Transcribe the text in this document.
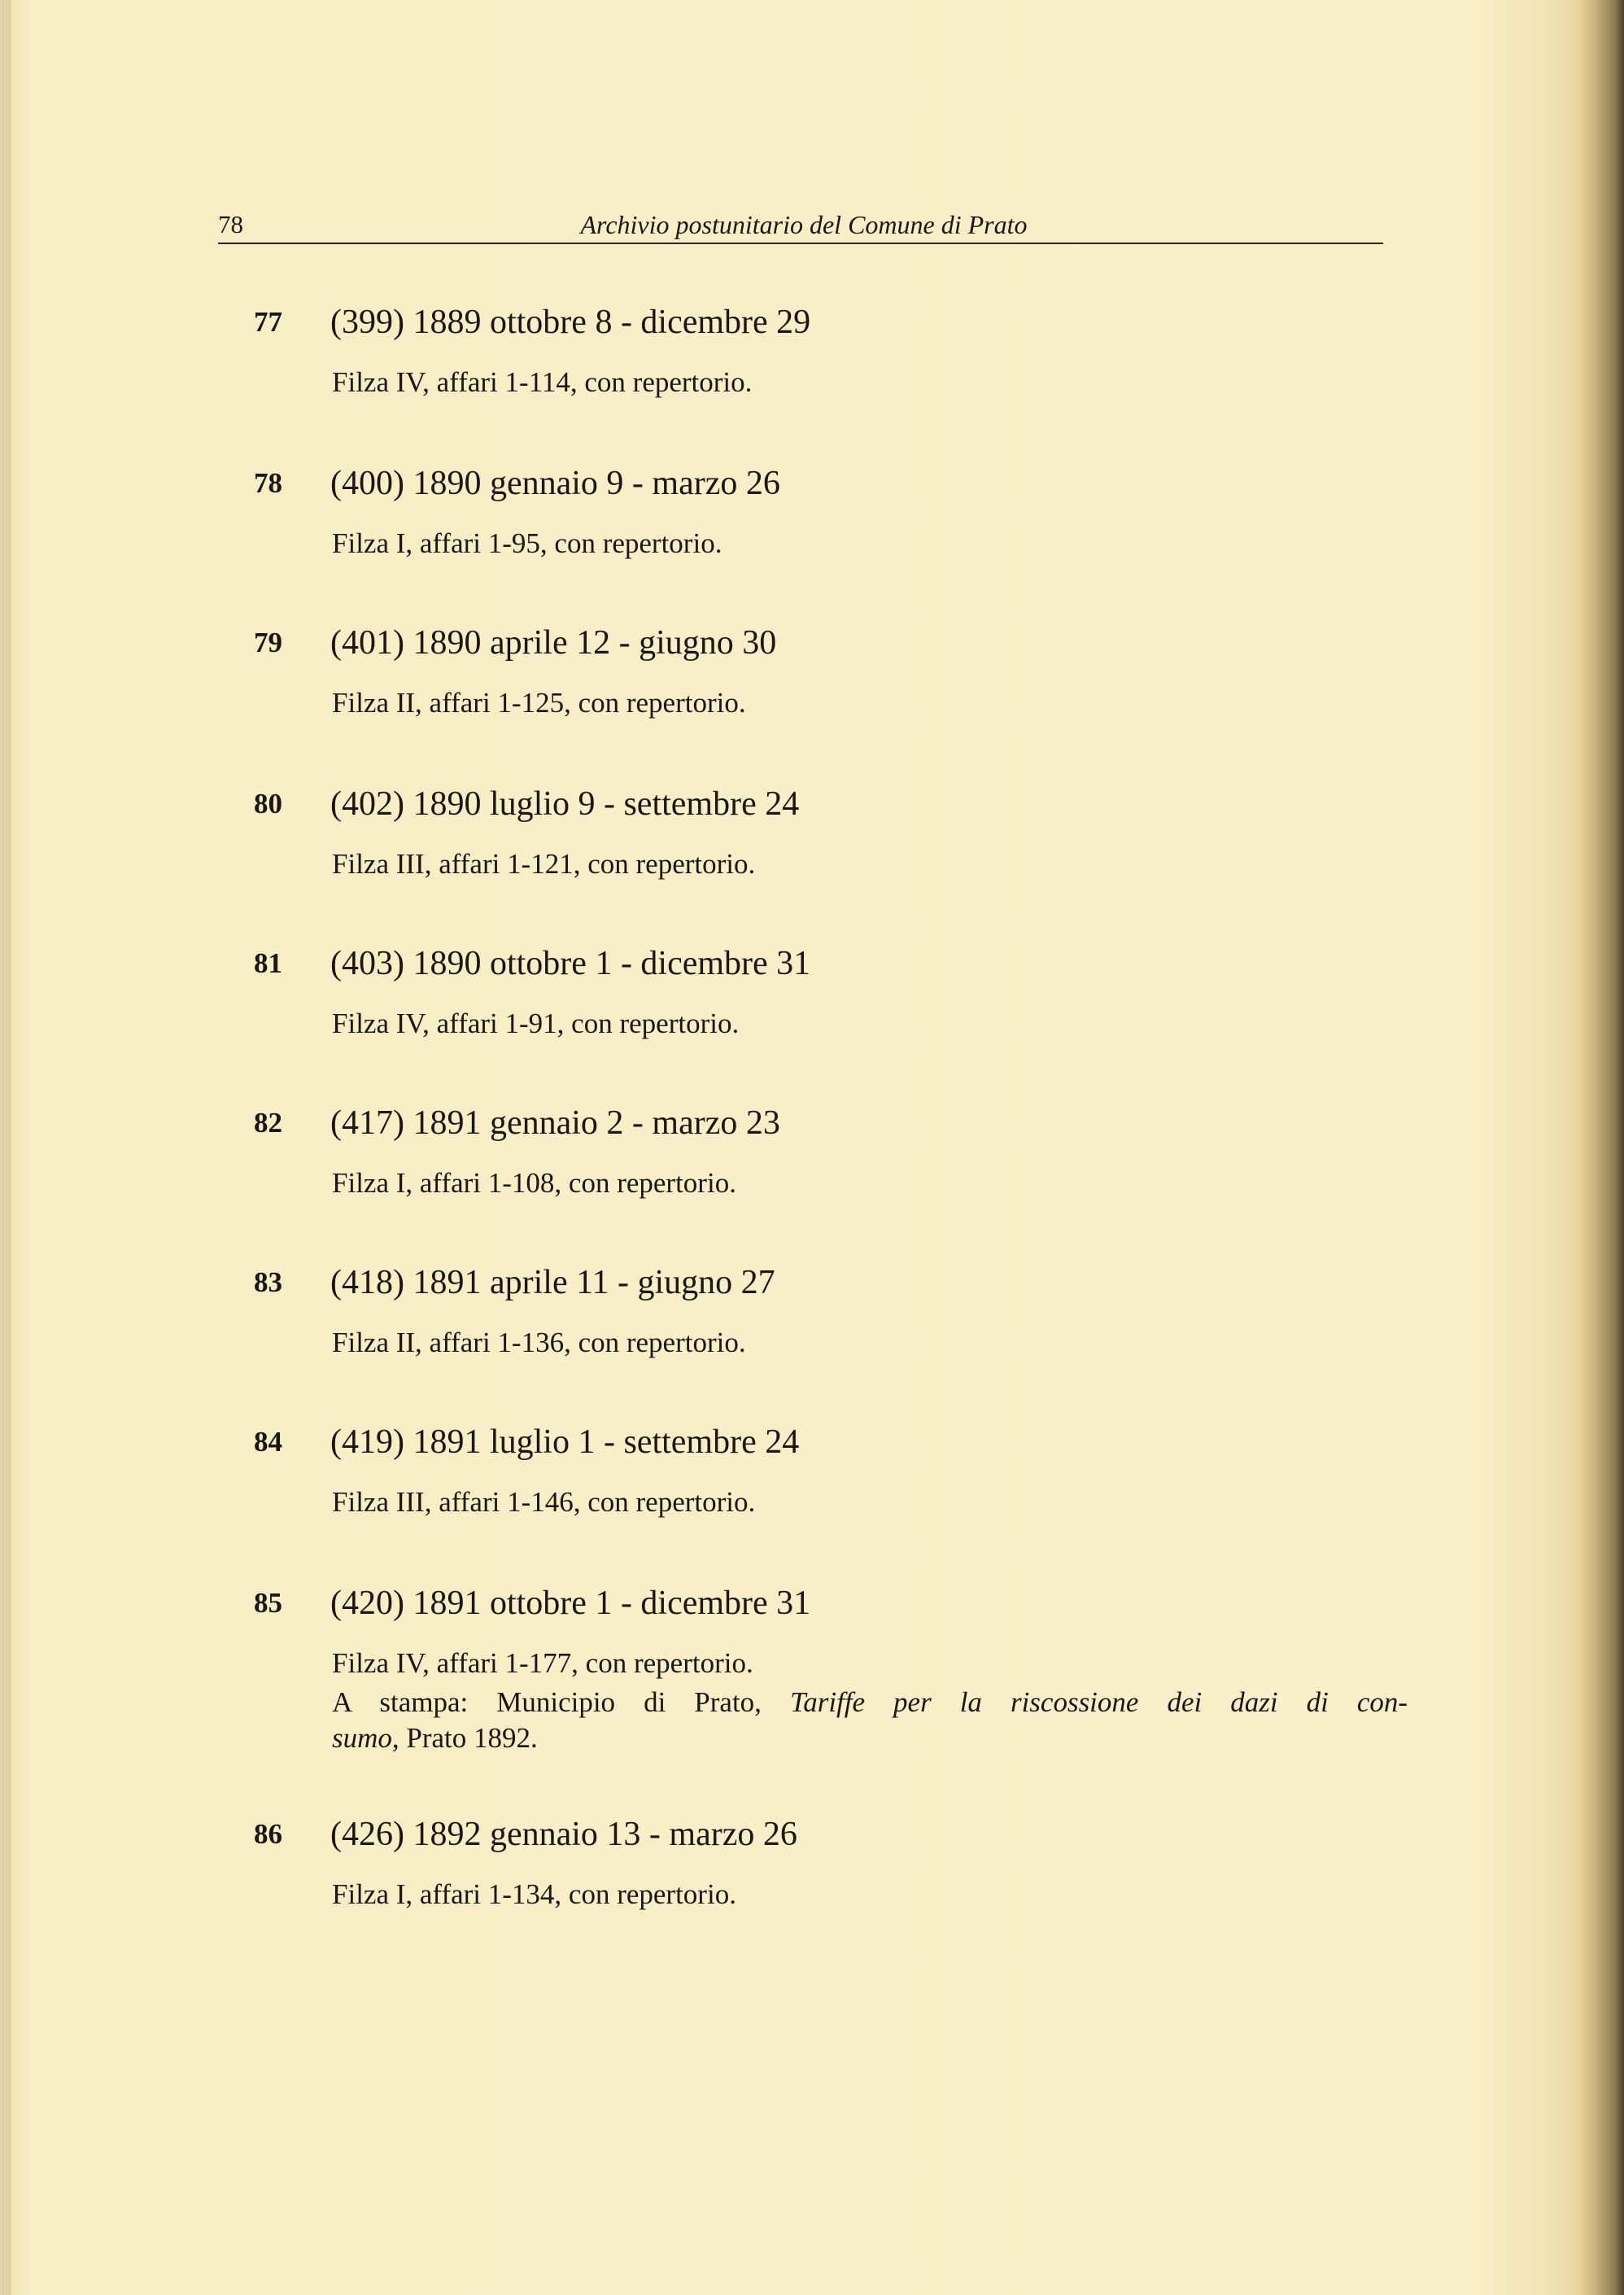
78	Archivio postunitario del Comune di Prato
77 (399) 1889 ottobre 8 - dicembre 29
Filza IV, affari 1-114, con repertorio.
78 (400) 1890 gennaio 9 - marzo 26
Filza I, affari 1-95, con repertorio.
79 (401) 1890 aprile 12 - giugno 30
Filza II, affari 1-125, con repertorio.
80 (402) 1890 luglio 9 - settembre 24
Filza III, affari 1-121, con repertorio.
81 (403) 1890 ottobre 1 - dicembre 31
Filza IV, affari 1-91, con repertorio.
82 (417) 1891 gennaio 2 - marzo 23
Filza I, affari 1-108, con repertorio.
83 (418) 1891 aprile 11 - giugno 27
Filza II, affari 1-136, con repertorio.
84 (419) 1891 luglio 1 - settembre 24
Filza III, affari 1-146, con repertorio.
85 (420) 1891 ottobre 1 - dicembre 31
Filza IV, affari 1-177, con repertorio.
A stampa: Municipio di Prato, Tariffe per la riscossione dei dazi di con-
sumo, Prato 1892.
86 (426) 1892 gennaio 13 - marzo 26
Filza I, affari 1-134, con repertorio.
